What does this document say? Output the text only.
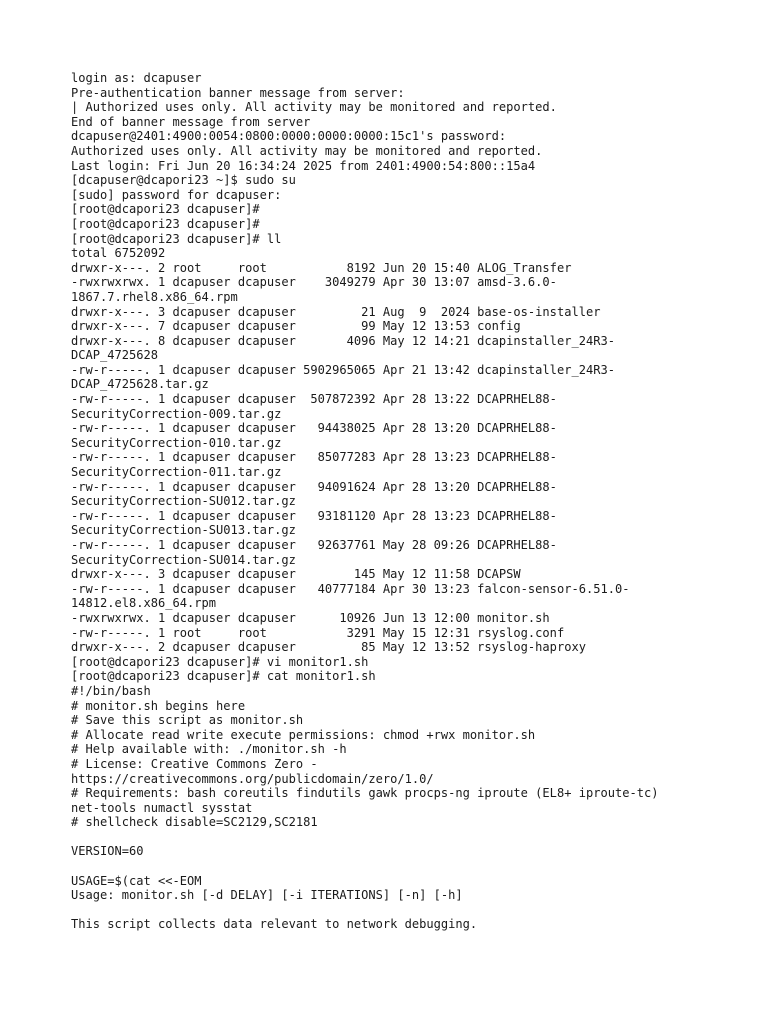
login as: dcapuser
Pre-authentication banner message from server:
| Authorized uses only. All activity may be monitored and reported.
End of banner message from server
dcapuser@2401:4900:0054:0800:0000:0000:0000:15c1's password:
Authorized uses only. All activity may be monitored and reported.
Last login: Fri Jun 20 16:34:24 2025 from 2401:4900:54:800::15a4
[dcapuser@dcapori23 ~]$ sudo su
[sudo] password for dcapuser:
[root@dcapori23 dcapuser]#
[root@dcapori23 dcapuser]#
[root@dcapori23 dcapuser]# ll
total 6752092
drwxr-x---. 2 root     root           8192 Jun 20 15:40 ALOG_Transfer
-rwxrwxrwx. 1 dcapuser dcapuser    3049279 Apr 30 13:07 amsd-3.6.0-
1867.7.rhel8.x86_64.rpm
drwxr-x---. 3 dcapuser dcapuser         21 Aug  9  2024 base-os-installer
drwxr-x---. 7 dcapuser dcapuser         99 May 12 13:53 config
drwxr-x---. 8 dcapuser dcapuser       4096 May 12 14:21 dcapinstaller_24R3-
DCAP_4725628
-rw-r-----. 1 dcapuser dcapuser 5902965065 Apr 21 13:42 dcapinstaller_24R3-
DCAP_4725628.tar.gz
-rw-r-----. 1 dcapuser dcapuser  507872392 Apr 28 13:22 DCAPRHEL88-
SecurityCorrection-009.tar.gz
-rw-r-----. 1 dcapuser dcapuser   94438025 Apr 28 13:20 DCAPRHEL88-
SecurityCorrection-010.tar.gz
-rw-r-----. 1 dcapuser dcapuser   85077283 Apr 28 13:23 DCAPRHEL88-
SecurityCorrection-011.tar.gz
-rw-r-----. 1 dcapuser dcapuser   94091624 Apr 28 13:20 DCAPRHEL88-
SecurityCorrection-SU012.tar.gz
-rw-r-----. 1 dcapuser dcapuser   93181120 Apr 28 13:23 DCAPRHEL88-
SecurityCorrection-SU013.tar.gz
-rw-r-----. 1 dcapuser dcapuser   92637761 May 28 09:26 DCAPRHEL88-
SecurityCorrection-SU014.tar.gz
drwxr-x---. 3 dcapuser dcapuser        145 May 12 11:58 DCAPSW
-rw-r-----. 1 dcapuser dcapuser   40777184 Apr 30 13:23 falcon-sensor-6.51.0-
14812.el8.x86_64.rpm
-rwxrwxrwx. 1 dcapuser dcapuser      10926 Jun 13 12:00 monitor.sh
-rw-r-----. 1 root     root           3291 May 15 12:31 rsyslog.conf
drwxr-x---. 2 dcapuser dcapuser         85 May 12 13:52 rsyslog-haproxy
[root@dcapori23 dcapuser]# vi monitor1.sh
[root@dcapori23 dcapuser]# cat monitor1.sh
#!/bin/bash
# monitor.sh begins here
# Save this script as monitor.sh
# Allocate read write execute permissions: chmod +rwx monitor.sh
# Help available with: ./monitor.sh -h
# License: Creative Commons Zero -
https://creativecommons.org/publicdomain/zero/1.0/
# Requirements: bash coreutils findutils gawk procps-ng iproute (EL8+ iproute-tc)
net-tools numactl sysstat
# shellcheck disable=SC2129,SC2181
VERSION=60
USAGE=$(cat <<-EOM
Usage: monitor.sh [-d DELAY] [-i ITERATIONS] [-n] [-h]
This script collects data relevant to network debugging.
